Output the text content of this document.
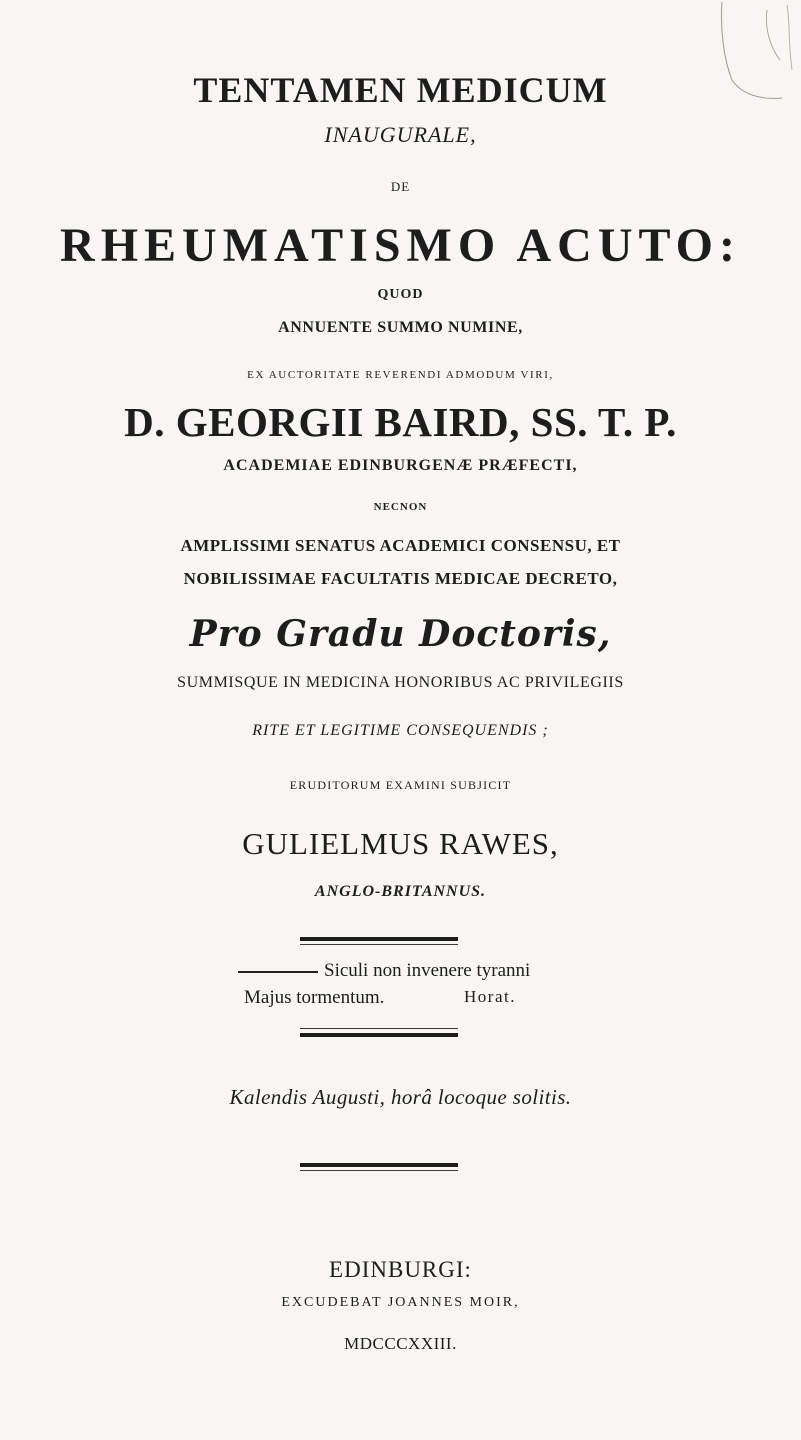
TENTAMEN MEDICUM
INAUGURALE,
DE
RHEUMATISMO ACUTO:
QUOD
ANNUENTE SUMMO NUMINE,
EX AUCTORITATE REVERENDI ADMODUM VIRI,
D. GEORGII BAIRD, SS. T. P.
ACADEMIAE EDINBURGENÆ PRÆFECTI,
NECNON
AMPLISSIMI SENATUS ACADEMICI CONSENSU, ET
NOBILISSIMAE FACULTATIS MEDICAE DECRETO,
Pro Gradu Doctoris,
SUMMISQUE IN MEDICINA HONORIBUS AC PRIVILEGIIS
RITE ET LEGITIME CONSEQUENDIS ;
ERUDITORUM EXAMINI SUBJICIT
GULIELMUS RAWES,
ANGLO-BRITANNUS.
Siculi non invenere tyranni
Majus tormentum.	Horat.
Kalendis Augusti, horâ locoque solitis.
EDINBURGI:
EXCUDEBAT JOANNES MOIR,
MDCCCXXIII.
